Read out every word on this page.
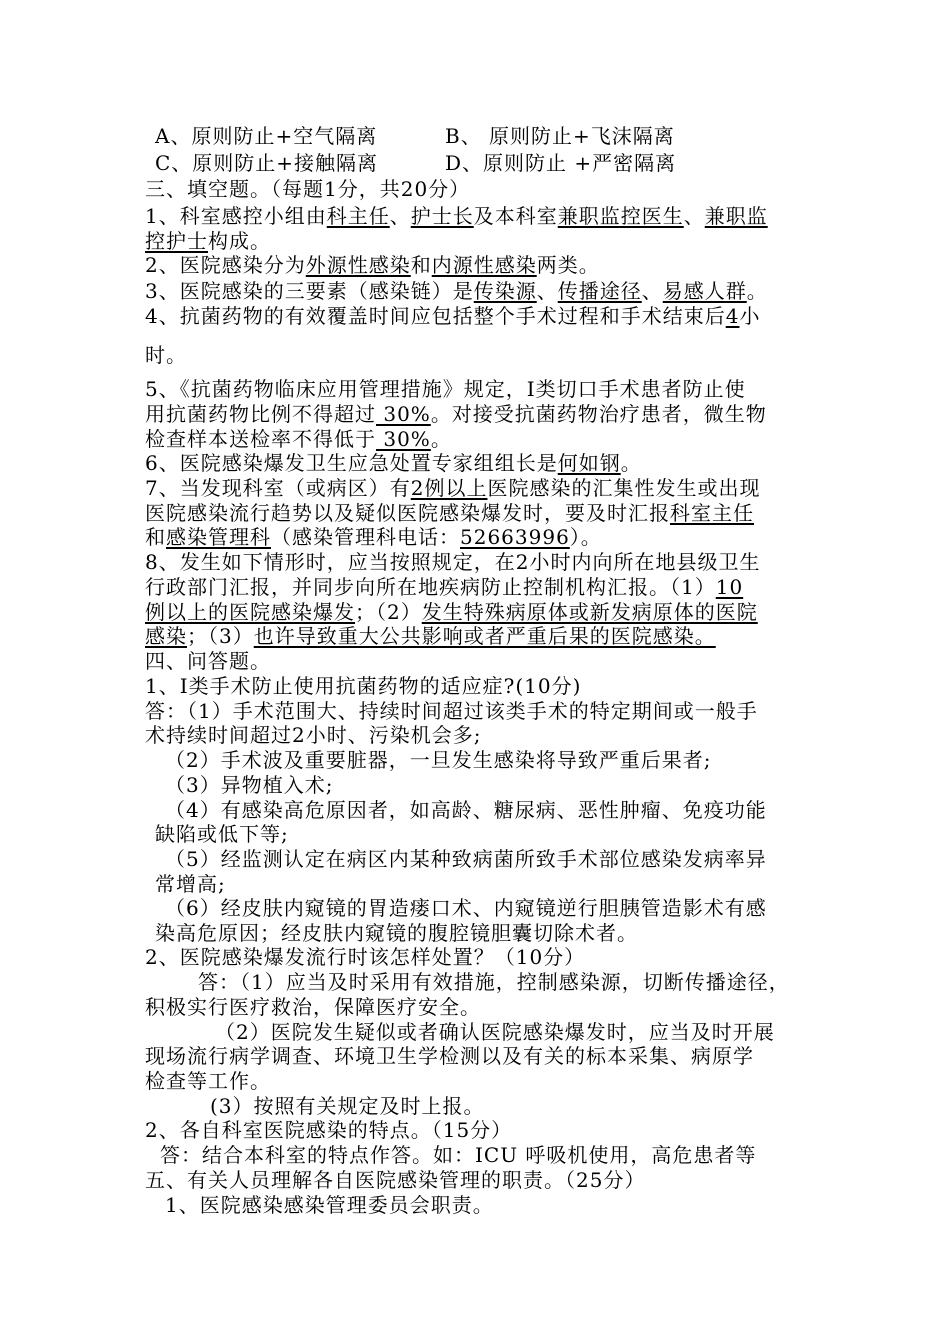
A、原则防止+空气隔离	B、 原则防止+飞沫隔离
C、原则防止+接触隔离	D、原则防止 +严密隔离
三、填空题。（每题1分，共20分）
1、科室感控小组由科主任、护士长及本科室兼职监控医生、兼职监
控护士构成。
2、医院感染分为外源性感染和内源性感染两类。
3、医院感染的三要素（感染链）是传染源、传播途径、易感人群。
4、抗菌药物的有效覆盖时间应包括整个手术过程和手术结束后4小
时。
5、《抗菌药物临床应用管理措施》规定，Ⅰ类切口手术患者防止使
用抗菌药物比例不得超过 30%。对接受抗菌药物治疗患者，微生物
检查样本送检率不得低于 30%。
6、医院感染爆发卫生应急处置专家组组长是何如钢。
7、当发现科室（或病区）有2例以上医院感染的汇集性发生或出现
医院感染流行趋势以及疑似医院感染爆发时，要及时汇报科室主任
和感染管理科（感染管理科电话：52663996）。
8、发生如下情形时，应当按照规定，在2小时内向所在地县级卫生
行政部门汇报，并同步向所在地疾病防止控制机构汇报。（1）10
例以上的医院感染爆发；（2）发生特殊病原体或新发病原体的医院
感染；（3）也许导致重大公共影响或者严重后果的医院感染。
四、问答题。
1、Ⅰ类手术防止使用抗菌药物的适应症?(10分)
答：（1）手术范围大、持续时间超过该类手术的特定期间或一般手
术持续时间超过2小时、污染机会多;
（2）手术波及重要脏器，一旦发生感染将导致严重后果者;
（3）异物植入术;
（4）有感染高危原因者，如高龄、糖尿病、恶性肿瘤、免疫功能
缺陷或低下等;
（5）经监测认定在病区内某种致病菌所致手术部位感染发病率异
常增高;
（6）经皮肤内窥镜的胃造瘘口术、内窥镜逆行胆胰管造影术有感
染高危原因；经皮肤内窥镜的腹腔镜胆囊切除术者。
2、医院感染爆发流行时该怎样处置？（10分）
答：（1）应当及时采用有效措施，控制感染源，切断传播途径，
积极实行医疗救治，保障医疗安全。
（2）医院发生疑似或者确认医院感染爆发时，应当及时开展
现场流行病学调查、环境卫生学检测以及有关的标本采集、病原学
检查等工作。
(3）按照有关规定及时上报。
2、各自科室医院感染的特点。（15分）
答：结合本科室的特点作答。如：ICU 呼吸机使用，高危患者等
五、有关人员理解各自医院感染管理的职责。（25分）
1、医院感染感染管理委员会职责。
